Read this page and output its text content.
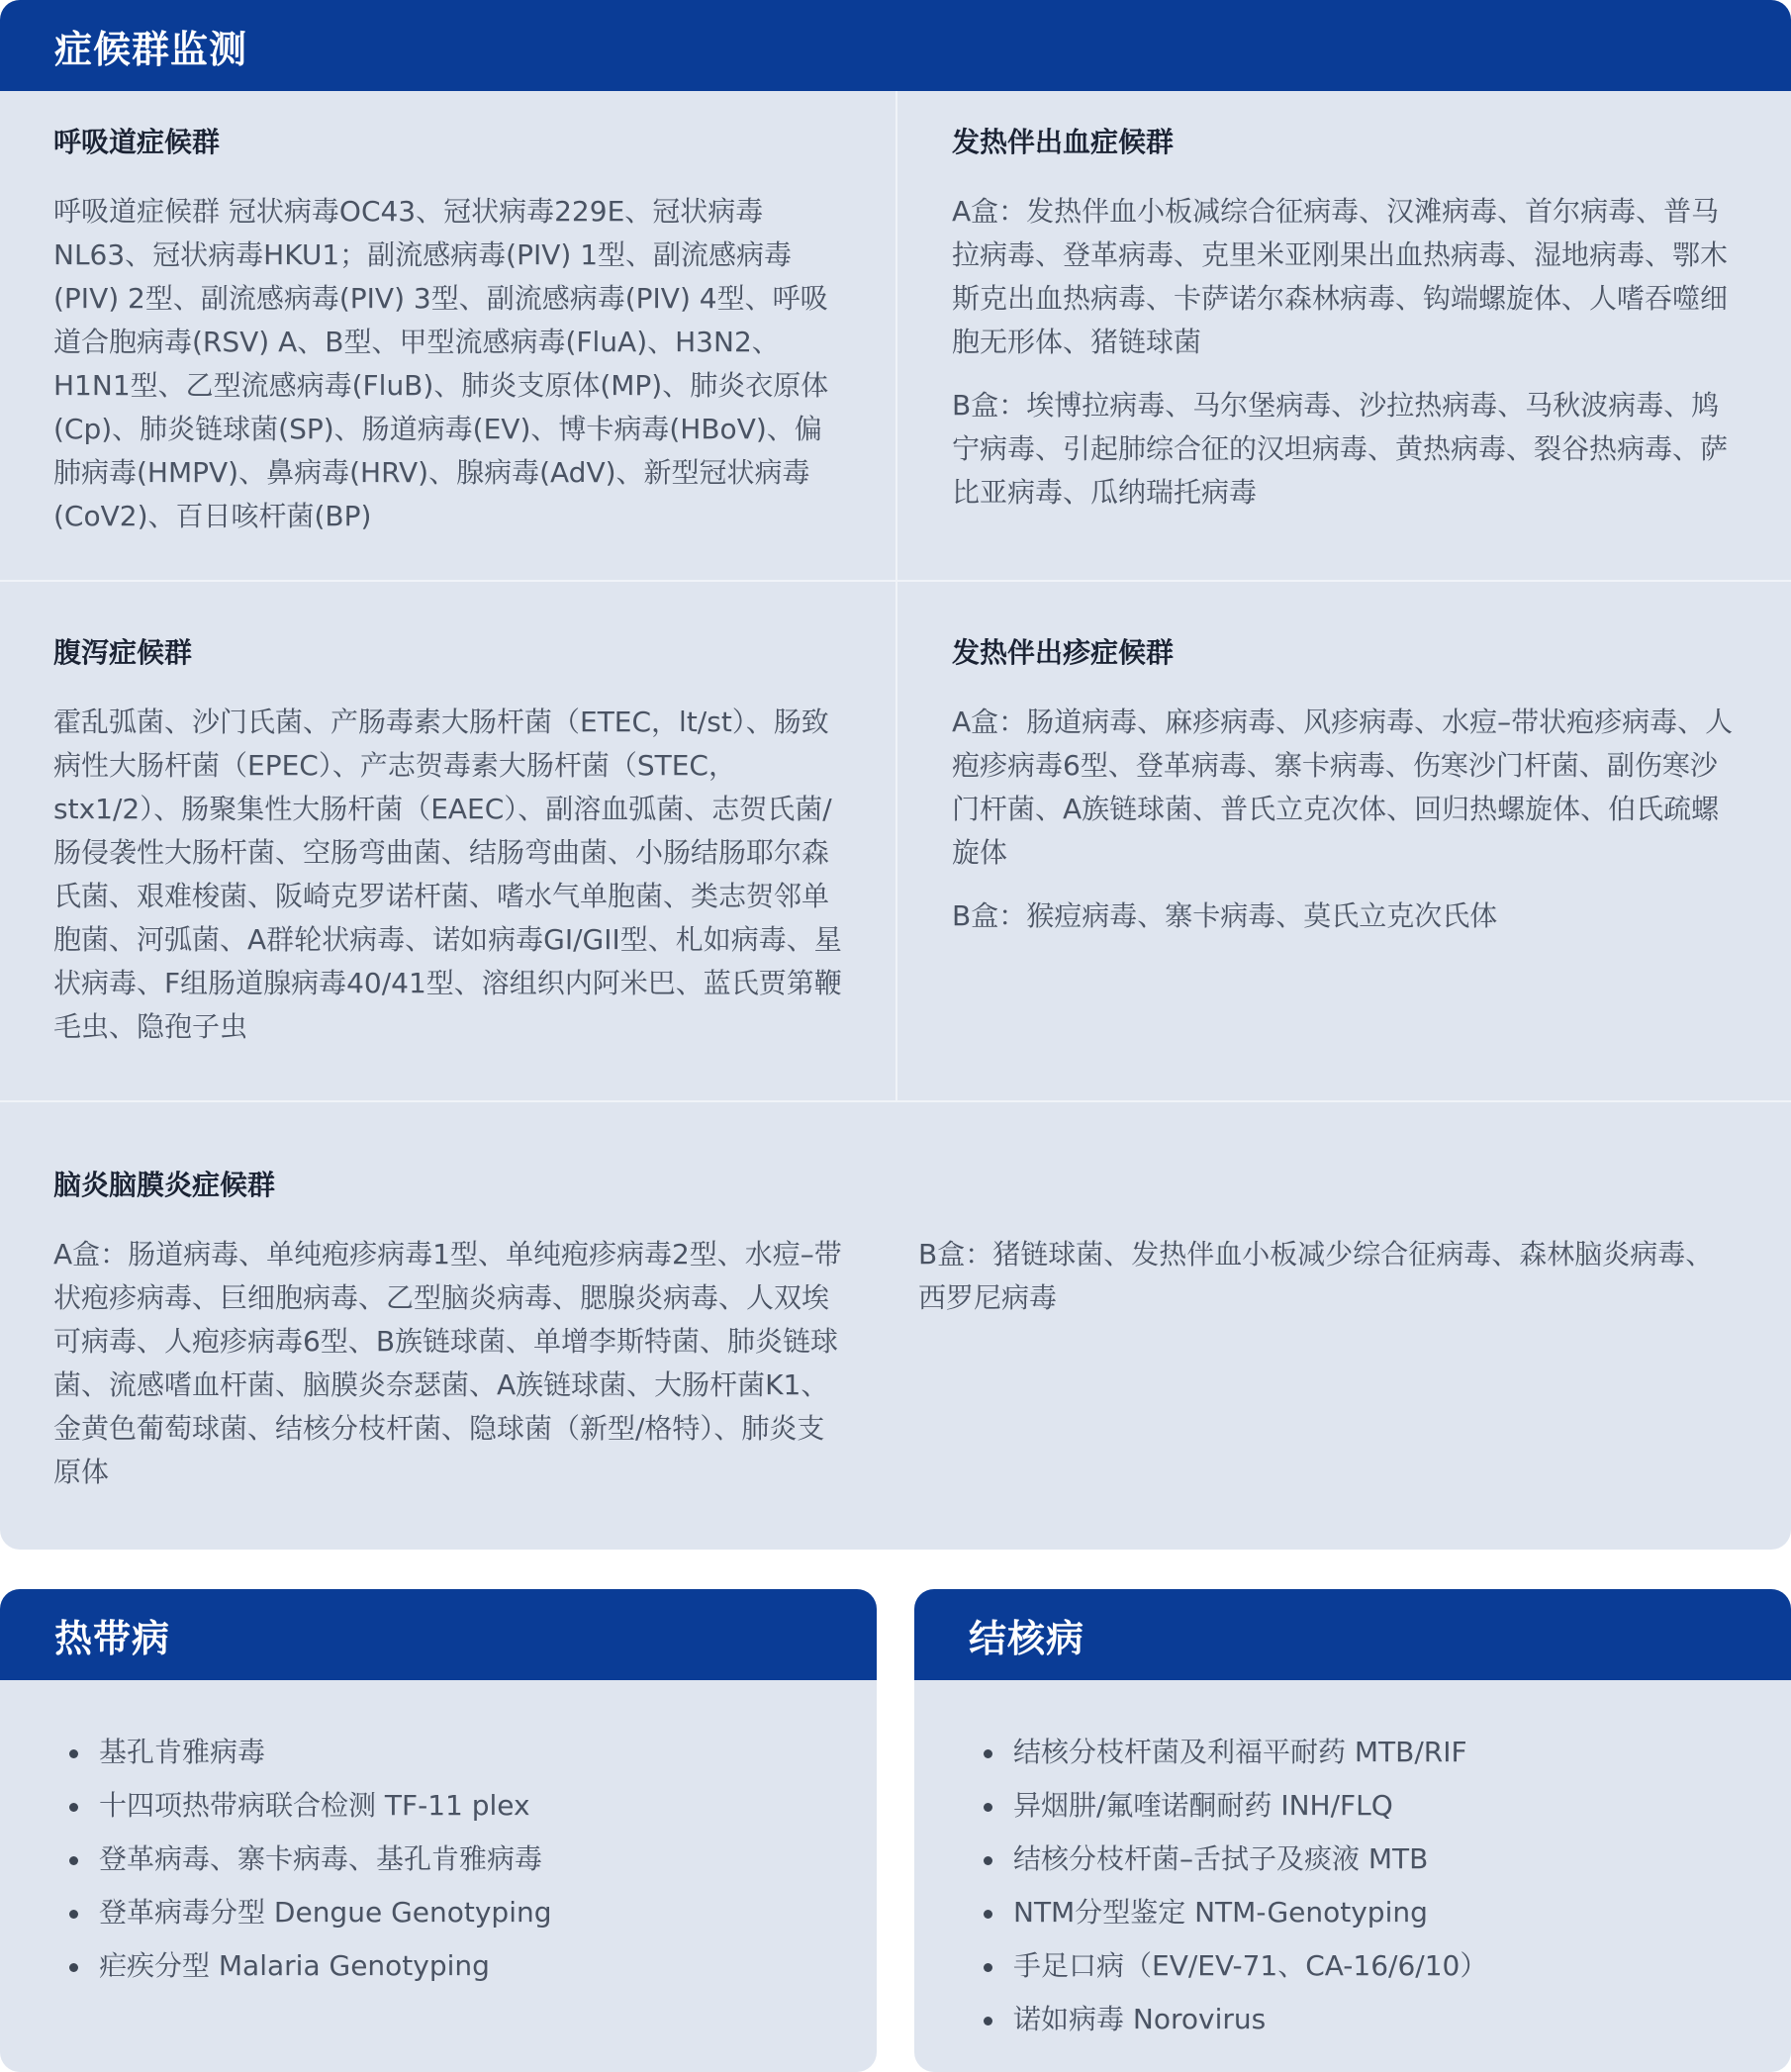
症候群监测
呼吸道症候群

呼吸道症候群 冠状病毒OC43、冠状病毒229E、冠状病毒NL63、冠状病毒HKU1；副流感病毒(PIV) 1型、副流感病毒(PIV) 2型、副流感病毒(PIV) 3型、副流感病毒(PIV) 4型、呼吸道合胞病毒(RSV) A、B型、甲型流感病毒(FluA)、H3N2、H1N1型、乙型流感病毒(FluB)、肺炎支原体(MP)、肺炎衣原体(Cp)、肺炎链球菌(SP)、肠道病毒(EV)、博卡病毒(HBoV)、偏肺病毒(HMPV)、鼻病毒(HRV)、腺病毒(AdV)、新型冠状病毒(CoV2)、百日咳杆菌(BP)

发热伴出血症候群

A盒：发热伴血小板减综合征病毒、汉滩病毒、首尔病毒、普马拉病毒、登革病毒、克里米亚刚果出血热病毒、湿地病毒、鄂木斯克出血热病毒、卡萨诺尔森林病毒、钩端螺旋体、人嗜吞噬细胞无形体、猪链球菌

B盒：埃博拉病毒、马尔堡病毒、沙拉热病毒、马秋波病毒、鸠宁病毒、引起肺综合征的汉坦病毒、黄热病毒、裂谷热病毒、萨比亚病毒、瓜纳瑞托病毒

腹泻症候群

霍乱弧菌、沙门氏菌、产肠毒素大肠杆菌（ETEC，lt/st）、肠致病性大肠杆菌（EPEC）、产志贺毒素大肠杆菌（STEC，stx1/2）、肠聚集性大肠杆菌（EAEC）、副溶血弧菌、志贺氏菌/肠侵袭性大肠杆菌、空肠弯曲菌、结肠弯曲菌、小肠结肠耶尔森氏菌、艰难梭菌、阪崎克罗诺杆菌、嗜水气单胞菌、类志贺邻单胞菌、河弧菌、A群轮状病毒、诺如病毒GI/GII型、札如病毒、星状病毒、F组肠道腺病毒40/41型、溶组织内阿米巴、蓝氏贾第鞭毛虫、隐孢子虫

发热伴出疹症候群

A盒：肠道病毒、麻疹病毒、风疹病毒、水痘–带状疱疹病毒、人疱疹病毒6型、登革病毒、寨卡病毒、伤寒沙门杆菌、副伤寒沙门杆菌、A族链球菌、普氏立克次体、回归热螺旋体、伯氏疏螺旋体

B盒：猴痘病毒、寨卡病毒、莫氏立克次氏体

脑炎脑膜炎症候群

A盒：肠道病毒、单纯疱疹病毒1型、单纯疱疹病毒2型、水痘–带状疱疹病毒、巨细胞病毒、乙型脑炎病毒、腮腺炎病毒、人双埃可病毒、人疱疹病毒6型、B族链球菌、单增李斯特菌、肺炎链球菌、流感嗜血杆菌、脑膜炎奈瑟菌、A族链球菌、大肠杆菌K1、金黄色葡萄球菌、结核分枝杆菌、隐球菌（新型/格特）、肺炎支原体

B盒：猪链球菌、发热伴血小板减少综合征病毒、森林脑炎病毒、西罗尼病毒

热带病
基孔肯雅病毒
十四项热带病联合检测 TF-11 plex
登革病毒、寨卡病毒、基孔肯雅病毒
登革病毒分型 Dengue Genotyping
疟疾分型 Malaria Genotyping
结核病
结核分枝杆菌及利福平耐药 MTB/RIF
异烟肼/氟喹诺酮耐药 INH/FLQ
结核分枝杆菌–舌拭子及痰液 MTB
NTM分型鉴定 NTM-Genotyping
手足口病（EV/EV-71、CA-16/6/10）
诺如病毒 Norovirus
